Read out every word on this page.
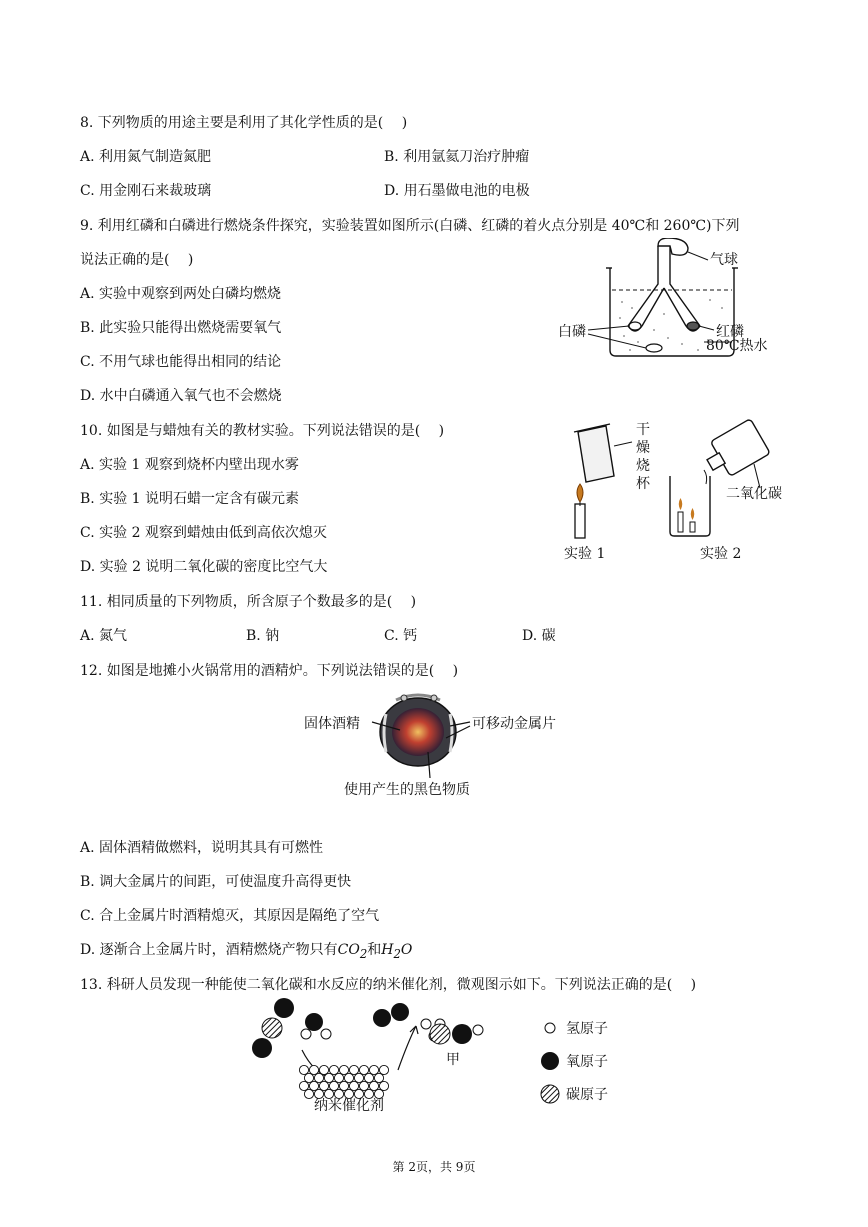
8. 下列物质的用途主要是利用了其化学性质的是(　 )
A. 利用氮气制造氮肥	B. 利用氩氦刀治疗肿瘤
C. 用金刚石来裁玻璃	D. 用石墨做电池的电极
9. 利用红磷和白磷进行燃烧条件探究，实验装置如图所示(白磷、红磷的着火点分别是 40℃和 260℃)下列
说法正确的是(　 )
A. 实验中观察到两处白磷均燃烧
B. 此实验只能得出燃烧需要氧气
C. 不用气球也能得出相同的结论
D. 水中白磷通入氧气也不会燃烧
气球
白磷	红磷
80℃热水
10. 如图是与蜡烛有关的教材实验。下列说法错误的是(　 )
A. 实验 1 观察到烧杯内壁出现水雾
B. 实验 1 说明石蜡一定含有碳元素
C. 实验 2 观察到蜡烛由低到高依次熄灭
D. 实验 2 说明二氧化碳的密度比空气大
干
燥
烧
杯
实验 1
二氧化碳
实验 2
11. 相同质量的下列物质，所含原子个数最多的是(　 )
A. 氮气	B. 钠	C. 钙	D. 碳
12. 如图是地摊小火锅常用的酒精炉。下列说法错误的是(　 )
固体酒精	可移动金属片
使用产生的黑色物质
A. 固体酒精做燃料，说明其具有可燃性
B. 调大金属片的间距，可使温度升高得更快
C. 合上金属片时酒精熄灭，其原因是隔绝了空气
D. 逐渐合上金属片时，酒精燃烧产物只有$CO_2$和$H_2O$
13. 科研人员发现一种能使二氧化碳和水反应的纳米催化剂，微观图示如下。下列说法正确的是(　 )
甲
纳米催化剂
氢原子
氧原子
碳原子
第 2页，共 9页
